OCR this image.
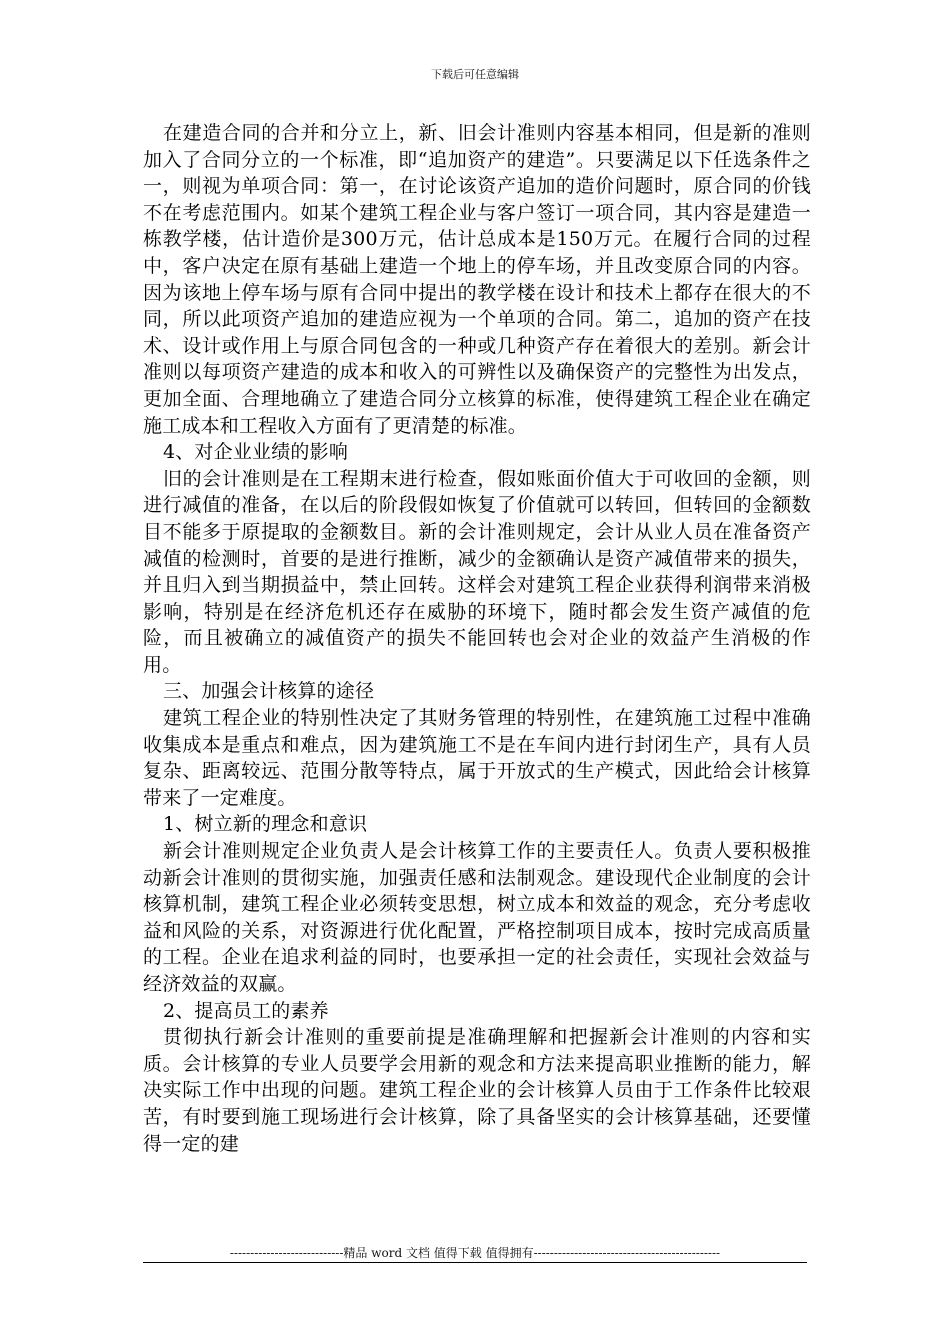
下载后可任意编辑

在建造合同的合并和分立上，新、旧会计准则内容基本相同，但是新的准则加入了合同分立的一个标准，即“追加资产的建造”。只要满足以下任选条件之一，则视为单项合同：第一，在讨论该资产追加的造价问题时，原合同的价钱不在考虑范围内。如某个建筑工程企业与客户签订一项合同，其内容是建造一栋教学楼，估计造价是300万元，估计总成本是150万元。在履行合同的过程中，客户决定在原有基础上建造一个地上的停车场，并且改变原合同的内容。因为该地上停车场与原有合同中提出的教学楼在设计和技术上都存在很大的不同，所以此项资产追加的建造应视为一个单项的合同。第二，追加的资产在技术、设计或作用上与原合同包含的一种或几种资产存在着很大的差别。新会计准则以每项资产建造的成本和收入的可辨性以及确保资产的完整性为出发点，更加全面、合理地确立了建造合同分立核算的标准，使得建筑工程企业在确定施工成本和工程收入方面有了更清楚的标准。

4、对企业业绩的影响

旧的会计准则是在工程期末进行检查，假如账面价值大于可收回的金额，则进行减值的准备，在以后的阶段假如恢复了价值就可以转回，但转回的金额数目不能多于原提取的金额数目。新的会计准则规定，会计从业人员在准备资产减值的检测时，首要的是进行推断，减少的金额确认是资产减值带来的损失，并且归入到当期损益中，禁止回转。这样会对建筑工程企业获得利润带来消极影响，特别是在经济危机还存在威胁的环境下，随时都会发生资产减值的危险，而且被确立的减值资产的损失不能回转也会对企业的效益产生消极的作用。

三、加强会计核算的途径

建筑工程企业的特别性决定了其财务管理的特别性，在建筑施工过程中准确收集成本是重点和难点，因为建筑施工不是在车间内进行封闭生产，具有人员复杂、距离较远、范围分散等特点，属于开放式的生产模式，因此给会计核算带来了一定难度。

1、树立新的理念和意识

新会计准则规定企业负责人是会计核算工作的主要责任人。负责人要积极推动新会计准则的贯彻实施，加强责任感和法制观念。建设现代企业制度的会计核算机制，建筑工程企业必须转变思想，树立成本和效益的观念，充分考虑收益和风险的关系，对资源进行优化配置，严格控制项目成本，按时完成高质量的工程。企业在追求利益的同时，也要承担一定的社会责任，实现社会效益与经济效益的双赢。

2、提高员工的素养

贯彻执行新会计准则的重要前提是准确理解和把握新会计准则的内容和实质。会计核算的专业人员要学会用新的观念和方法来提高职业推断的能力，解决实际工作中出现的问题。建筑工程企业的会计核算人员由于工作条件比较艰苦，有时要到施工现场进行会计核算，除了具备坚实的会计核算基础，还要懂得一定的建

----------------------------精品 word 文档 值得下载 值得拥有----------------------------------------------
